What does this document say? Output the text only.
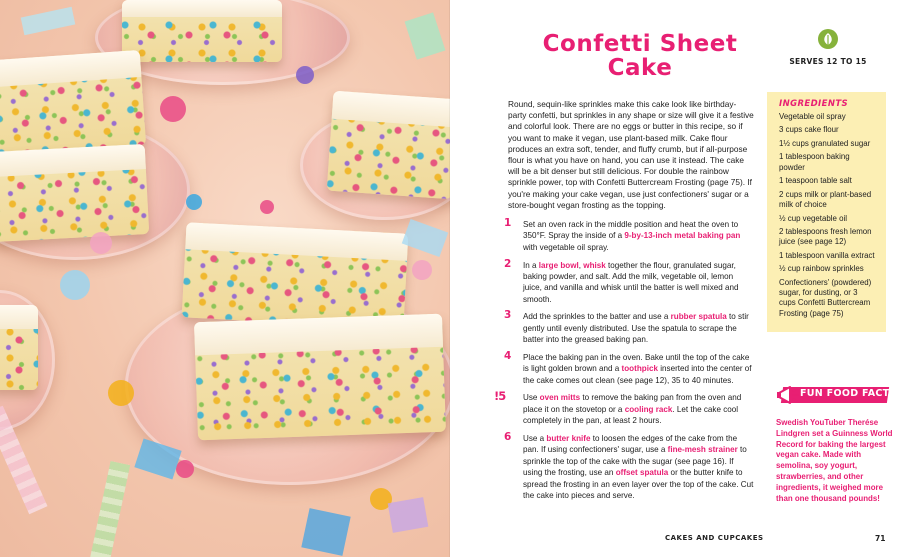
Confetti Sheet
Cake	SERVES 12 TO 15

Round, sequin-like sprinkles make this cake look like birthday-party confetti, but sprinkles in any shape or size will give it a festive and colorful look. There are no eggs or butter in this recipe, so if you want to make it vegan, use plant-based milk. Cake flour produces an extra soft, tender, and fluffy crumb, but if all-purpose flour is what you have on hand, you can use it instead. The cake will be a bit denser but still delicious. For double the rainbow sprinkle power, top with Confetti Buttercream Frosting (page 75). If you're making your cake vegan, use just confectioners' sugar or a store-bought vegan frosting as the topping.

1 Set an oven rack in the middle position and heat the oven to 350°F. Spray the inside of a 9-by-13-inch metal baking pan with vegetable oil spray.
2 In a large bowl, whisk together the flour, granulated sugar, baking powder, and salt. Add the milk, vegetable oil, lemon juice, and vanilla and whisk until the batter is well mixed and smooth.
3 Add the sprinkles to the batter and use a rubber spatula to stir gently until evenly distributed. Use the spatula to scrape the batter into the greased baking pan.
4 Place the baking pan in the oven. Bake until the top of the cake is light golden brown and a toothpick inserted into the center of the cake comes out clean (see page 12), 35 to 40 minutes.
!5 Use oven mitts to remove the baking pan from the oven and place it on the stovetop or a cooling rack. Let the cake cool completely in the pan, at least 2 hours.
6 Use a butter knife to loosen the edges of the cake from the pan. If using confectioners' sugar, use a fine-mesh strainer to sprinkle the top of the cake with the sugar (see page 16). If using the frosting, use an offset spatula or the butter knife to spread the frosting in an even layer over the top of the cake. Cut the cake into pieces and serve.
INGREDIENTS
Vegetable oil spray
3 cups cake flour
1½ cups granulated sugar
1 tablespoon baking powder
1 teaspoon table salt
2 cups milk or plant-based milk of choice
½ cup vegetable oil
2 tablespoons fresh lemon juice (see page 12)
1 tablespoon vanilla extract
½ cup rainbow sprinkles
Confectioners' (powdered) sugar, for dusting, or 3 cups Confetti Buttercream Frosting (page 75)
FUN FOOD FACT

Swedish YouTuber Therése Lindgren set a Guinness World Record for baking the largest vegan cake. Made with semolina, soy yogurt, strawberries, and other ingredients, it weighed more than one thousand pounds!

CAKES AND CUPCAKES	71
